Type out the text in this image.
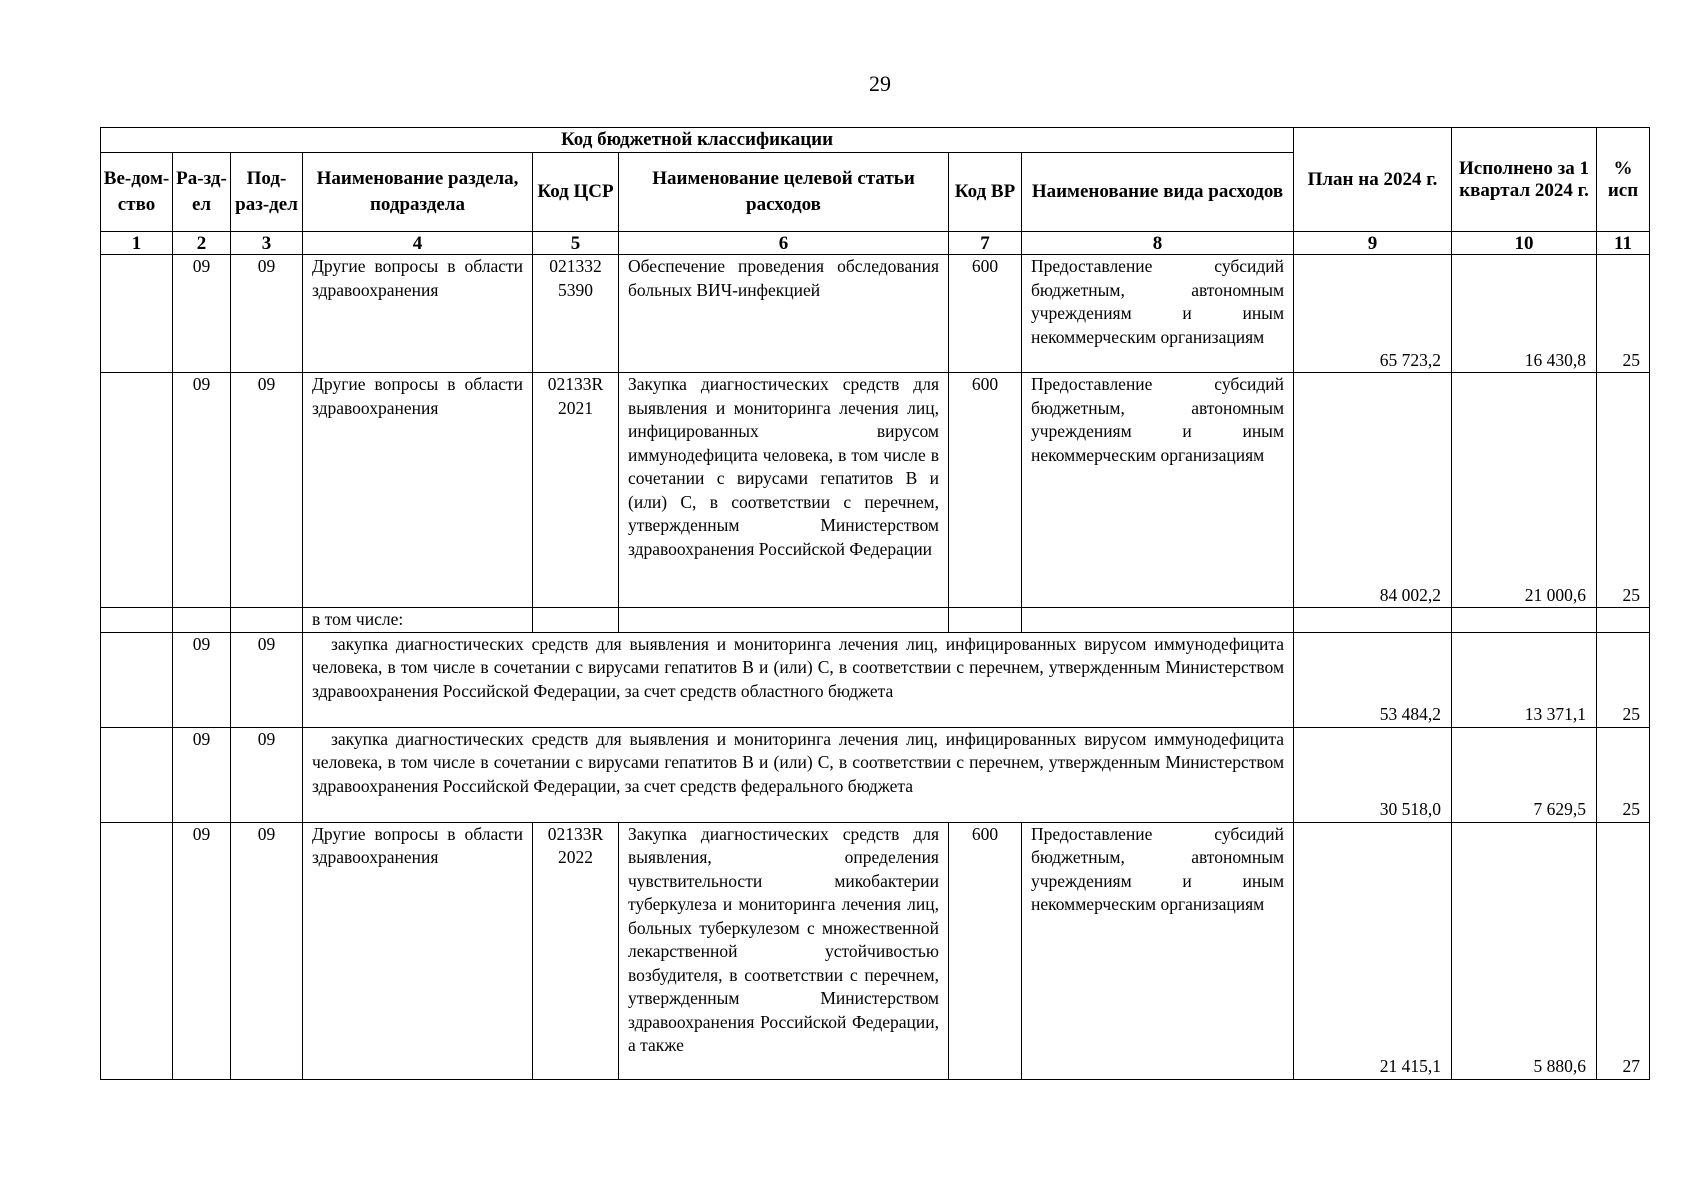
29
Код бюджетной классификации								План на 2024 г.	Исполнено за 1 квартал 2024 г.	% исп
Ве-дом-ство	Ра-зд-ел	Под-раз-дел	Наименование раздела, подраздела	Код ЦСР	Наименование целевой статьи расходов	Код ВР	Наименование вида расходов			
1	2	3	4	5	6	7	8	9	10	11
	09	09	Другие вопросы в области здравоохранения	021332 5390	Обеспечение проведения обследования больных ВИЧ-инфекцией	600	Предоставление субсидий бюджетным, автономным учреждениям и иным некоммерческим организациям	65 723,2	16 430,8	25
	09	09	Другие вопросы в области здравоохранения	02133R 2021	Закупка диагностических средств для выявления и мониторинга лечения лиц, инфицированных вирусом иммунодефицита человека, в том числе в сочетании с вирусами гепатитов В и (или) С, в соответствии с перечнем, утвержденным Министерством здравоохранения Российской Федерации	600	Предоставление субсидий бюджетным, автономным учреждениям и иным некоммерческим организациям	84 002,2	21 000,6	25
			в том числе:							
	09	09	закупка диагностических средств для выявления и мониторинга лечения лиц, инфицированных вирусом иммунодефицита человека, в том числе в сочетании с вирусами гепатитов В и (или) С, в соответствии с перечнем, утвержденным Министерством здравоохранения Российской Федерации, за счет средств областного бюджета					53 484,2	13 371,1	25
	09	09	закупка диагностических средств для выявления и мониторинга лечения лиц, инфицированных вирусом иммунодефицита человека, в том числе в сочетании с вирусами гепатитов В и (или) С, в соответствии с перечнем, утвержденным Министерством здравоохранения Российской Федерации, за счет средств федерального бюджета					30 518,0	7 629,5	25
	09	09	Другие вопросы в области здравоохранения	02133R 2022	Закупка диагностических средств для выявления, определения чувствительности микобактерии туберкулеза и мониторинга лечения лиц, больных туберкулезом с множественной лекарственной устойчивостью возбудителя, в соответствии с перечнем, утвержденным Министерством здравоохранения Российской Федерации, а также	600	Предоставление субсидий бюджетным, автономным учреждениям и иным некоммерческим организациям	21 415,1	5 880,6	27
